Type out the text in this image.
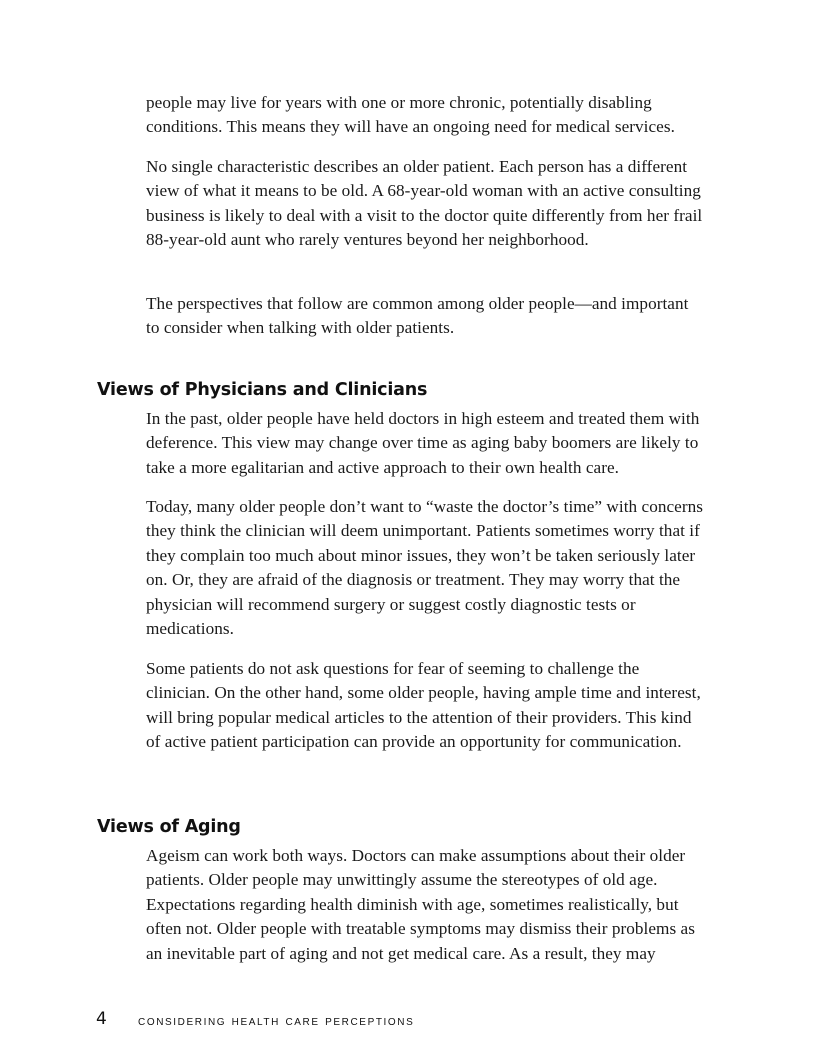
people may live for years with one or more chronic, potentially disabling conditions. This means they will have an ongoing need for medical services.

No single characteristic describes an older patient. Each person has a different view of what it means to be old. A 68-year-old woman with an active consulting business is likely to deal with a visit to the doctor quite differently from her frail 88-year-old aunt who rarely ventures beyond her neighborhood.

The perspectives that follow are common among older people—and important to consider when talking with older patients.

Views of Physicians and Clinicians

In the past, older people have held doctors in high esteem and treated them with deference. This view may change over time as aging baby boomers are likely to take a more egalitarian and active approach to their own health care.

Today, many older people don’t want to “waste the doctor’s time” with concerns they think the clinician will deem unimportant. Patients sometimes worry that if they complain too much about minor issues, they won’t be taken seriously later on. Or, they are afraid of the diagnosis or treatment. They may worry that the physician will recommend surgery or suggest costly diagnostic tests or medications.

Some patients do not ask questions for fear of seeming to challenge the clinician. On the other hand, some older people, having ample time and interest, will bring popular medical articles to the attention of their providers. This kind of active patient participation can provide an opportunity for communication.

Views of Aging

Ageism can work both ways. Doctors can make assumptions about their older patients. Older people may unwittingly assume the stereotypes of old age. Expectations regarding health diminish with age, sometimes realistically, but often not. Older people with treatable symptoms may dismiss their problems as an inevitable part of aging and not get medical care. As a result, they may

4 considering health care perceptions
